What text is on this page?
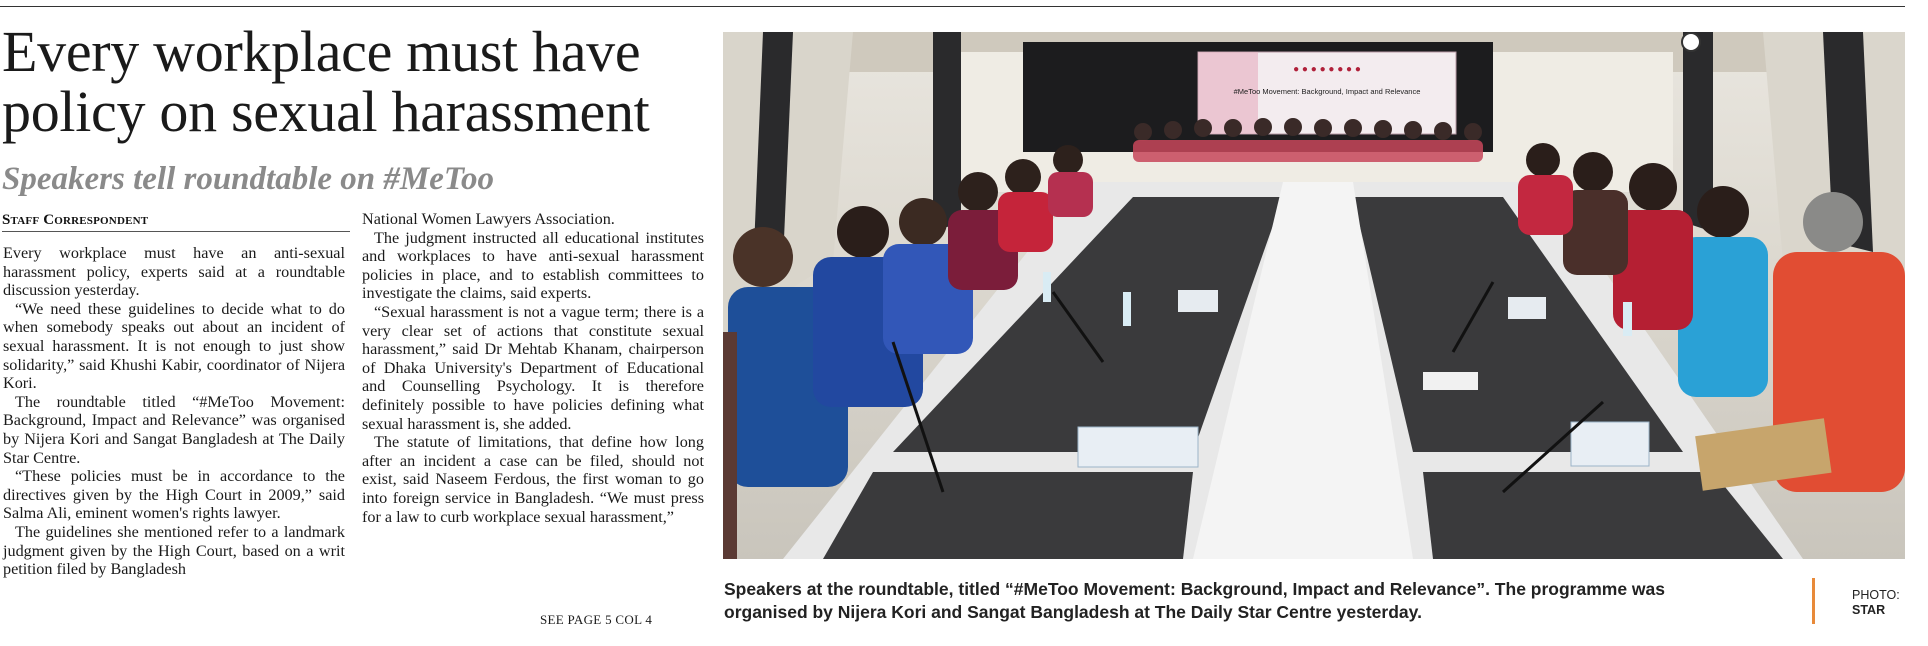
Every workplace must have policy on sexual harassment
Speakers tell roundtable on #MeToo
Staff Correspondent

Every workplace must have an anti-sexual harassment policy, experts said at a roundtable discussion yesterday.

“We need these guidelines to decide what to do when somebody speaks out about an incident of sexual harassment. It is not enough to just show solidarity,” said Khushi Kabir, coordinator of Nijera Kori.

The roundtable titled “#MeToo Movement: Background, Impact and Relevance” was organised by Nijera Kori and Sangat Bangladesh at The Daily Star Centre.

“These policies must be in accordance to the directives given by the High Court in 2009,” said Salma Ali, eminent women's rights lawyer.

The guidelines she mentioned refer to a landmark judgment given by the High Court, based on a writ petition filed by Bangladesh

National Women Lawyers Association.

The judgment instructed all educational institutes and workplaces to have anti-sexual harassment policies in place, and to establish committees to investigate the claims, said experts.

“Sexual harassment is not a vague term; there is a very clear set of actions that constitute sexual harassment,” said Dr Mehtab Khanam, chairperson of Dhaka University's Department of Educational and Counselling Psychology. It is therefore definitely possible to have policies defining what sexual harassment is, she added.

The statute of limitations, that define how long after an incident a case can be filed, should not exist, said Naseem Ferdous, the first woman to go into foreign service in Bangladesh. “We must press for a law to curb workplace sexual harassment,”

SEE PAGE 5 COL 4
● ● ● ● ● ● ● ●
#MeToo Movement: Background, Impact and Relevance
Speakers at the roundtable, titled “#MeToo Movement: Background, Impact and Relevance”. The programme was organised by Nijera Kori and Sangat Bangladesh at The Daily Star Centre yesterday.
PHOTO:
STAR
